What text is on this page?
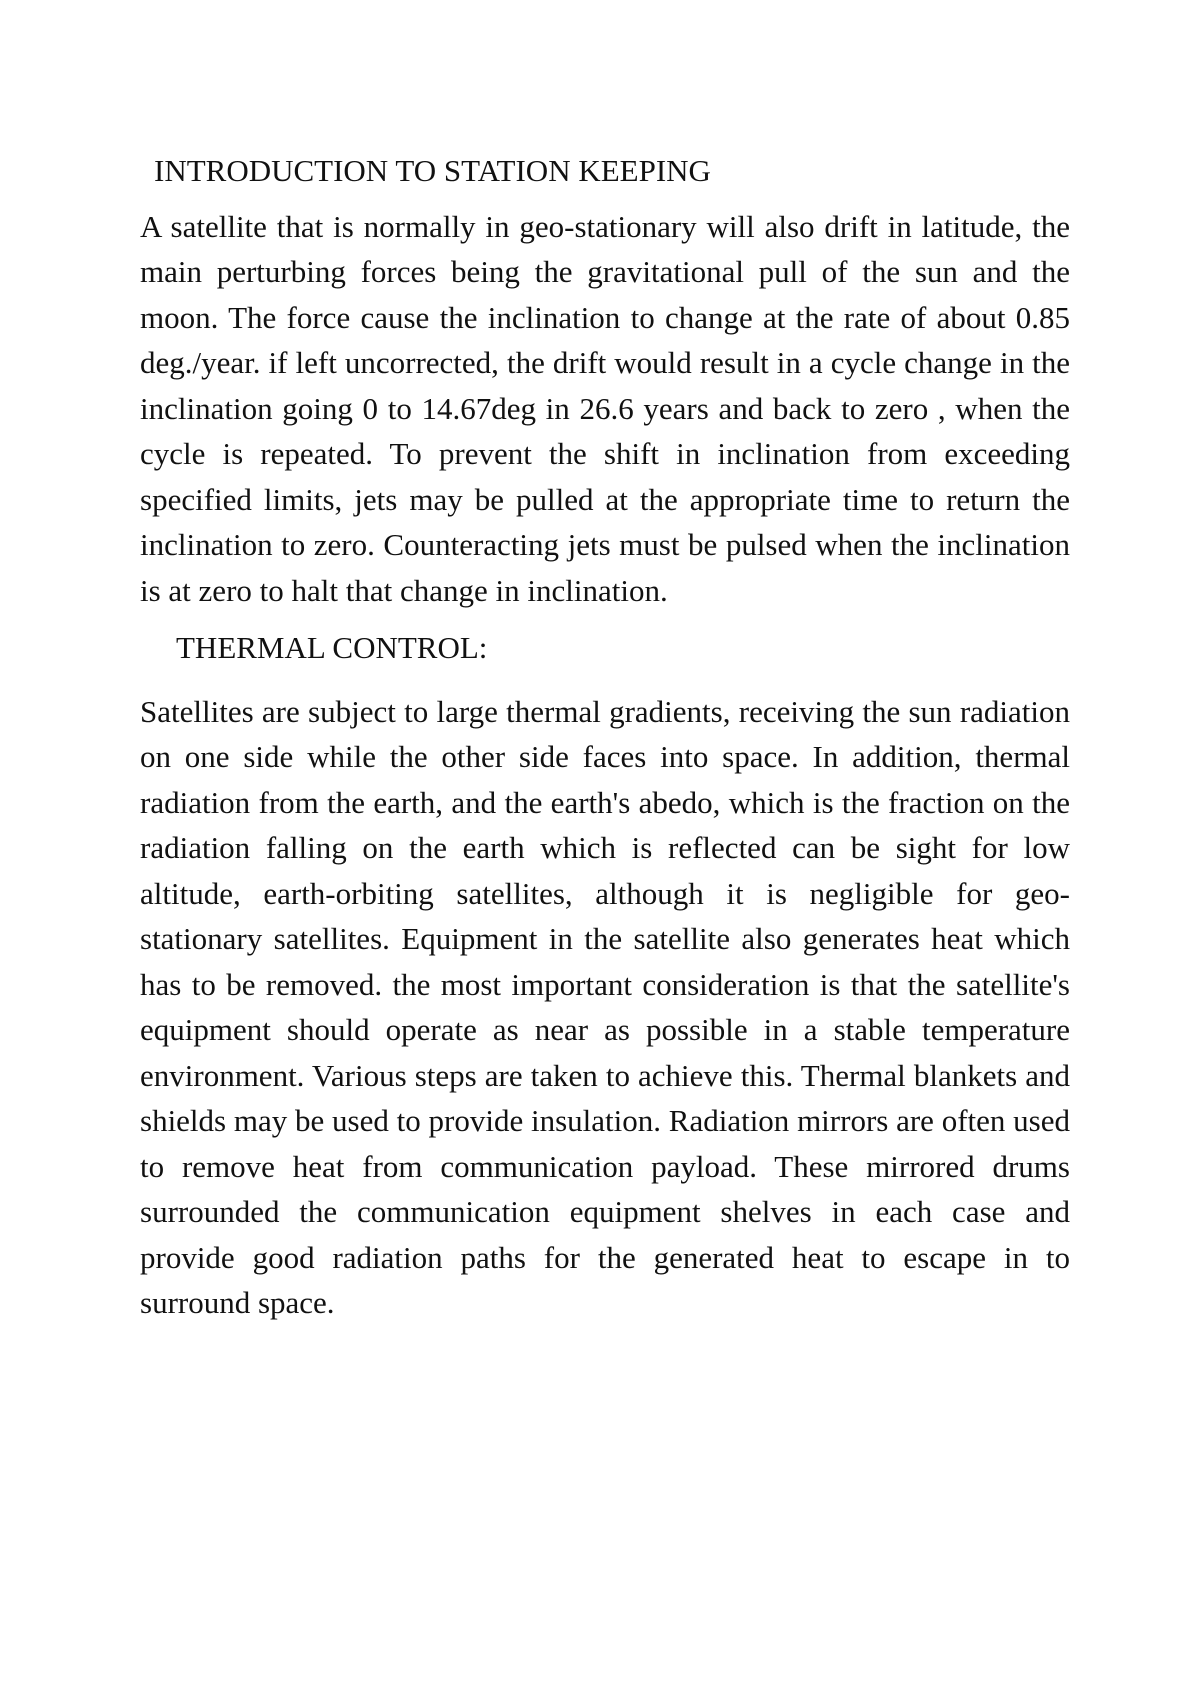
INTRODUCTION TO STATION KEEPING

A satellite that is normally in geo-stationary will also drift in latitude, the main perturbing forces being the gravitational pull of the sun and the moon. The force cause the inclination to change at the rate of about 0.85 deg./year. if left uncorrected, the drift would result in a cycle change in the inclination going 0 to 14.67deg in 26.6 years and back to zero , when the cycle is repeated. To prevent the shift in inclination from exceeding specified limits, jets may be pulled at the appropriate time to return the inclination to zero. Counteracting jets must be pulsed when the inclination is at zero to halt that change in inclination.

THERMAL CONTROL:

Satellites are subject to large thermal gradients, receiving the sun radiation on one side while the other side faces into space. In addition, thermal radiation from the earth, and the earth's abedo, which is the fraction on the radiation falling on the earth which is reflected can be sight for low altitude, earth-orbiting satellites, although it is negligible for geo-stationary satellites. Equipment in the satellite also generates heat which has to be removed. the most important consideration is that the satellite's equipment should operate as near as possible in a stable temperature environment. Various steps are taken to achieve this. Thermal blankets and shields may be used to provide insulation. Radiation mirrors are often used to remove heat from communication payload. These mirrored drums surrounded the communication equipment shelves in each case and provide good radiation paths for the generated heat to escape in to surround space.
